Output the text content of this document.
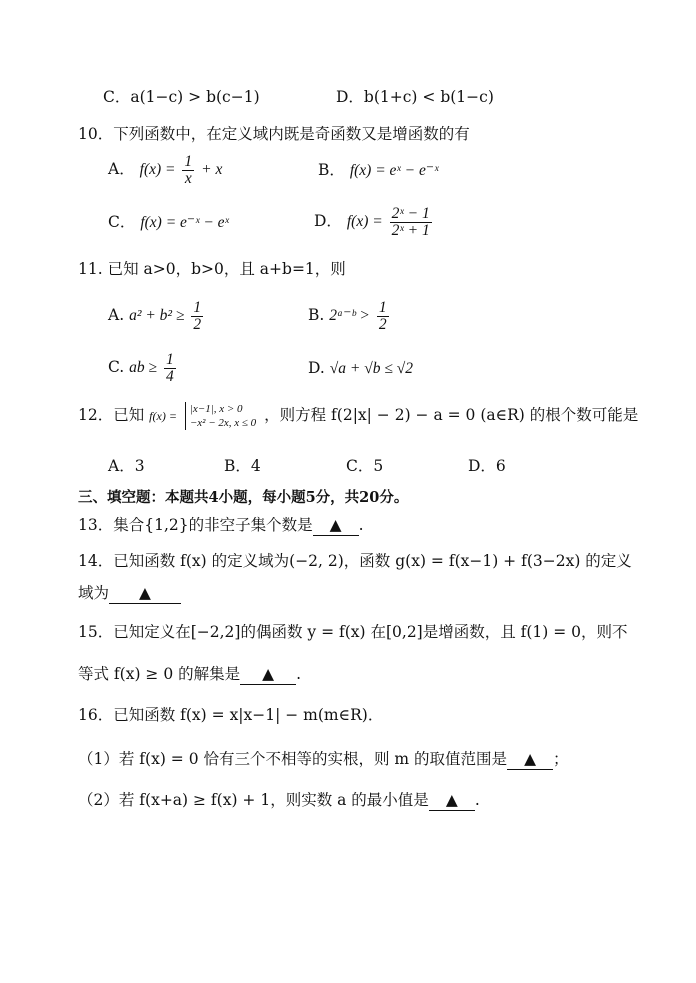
C．a(1−c) > b(c−1)	D．b(1+c) < b(1−c)
10．下列函数中，在定义域内既是奇函数又是增函数的有
A． $f(x) = \frac{1}{x} + x$	B． f(x) = eˣ − e⁻ˣ
C． f(x) = e⁻ˣ − eˣ	D． $f(x) = \frac{\text{2ˣ − 1}}{\text{2ˣ + 1}}$
11. 已知 a>0，b>0，且 a+b=1，则
A. $a^2 + b^2 \ge \frac{1}{2}$	B. 2ᵃ⁻ᵇ > $\frac{1}{2}$
C. ab ≥ $\frac{1}{4}$	D. √a + √b ≤ √2
12．已知 f(x) = |x−1|, x > 0
−x² − 2x, x ≤ 0 ，则方程 f(2|x| − 2) − a = 0 (a∈R) 的根个数可能是
A．3	B．4	C．5	D．6
三、填空题：本题共4小题，每小题5分，共20分。
13．集合{1,2}的非空子集个数是 ▲ .
14．已知函数 f(x) 的定义域为(−2, 2)，函数 g(x) = f(x−1) + f(3−2x) 的定义
域为 ▲
15．已知定义在[−2,2]的偶函数 y = f(x) 在[0,2]是增函数，且 f(1) = 0，则不
等式 f(x) ≥ 0 的解集是 ▲ .
16．已知函数 f(x) = x|x−1| − m(m∈R)．
（1）若 f(x) = 0 恰有三个不相等的实根，则 m 的取值范围是 ▲ ；
（2）若 f(x+a) ≥ f(x) + 1，则实数 a 的最小值是 ▲ .
